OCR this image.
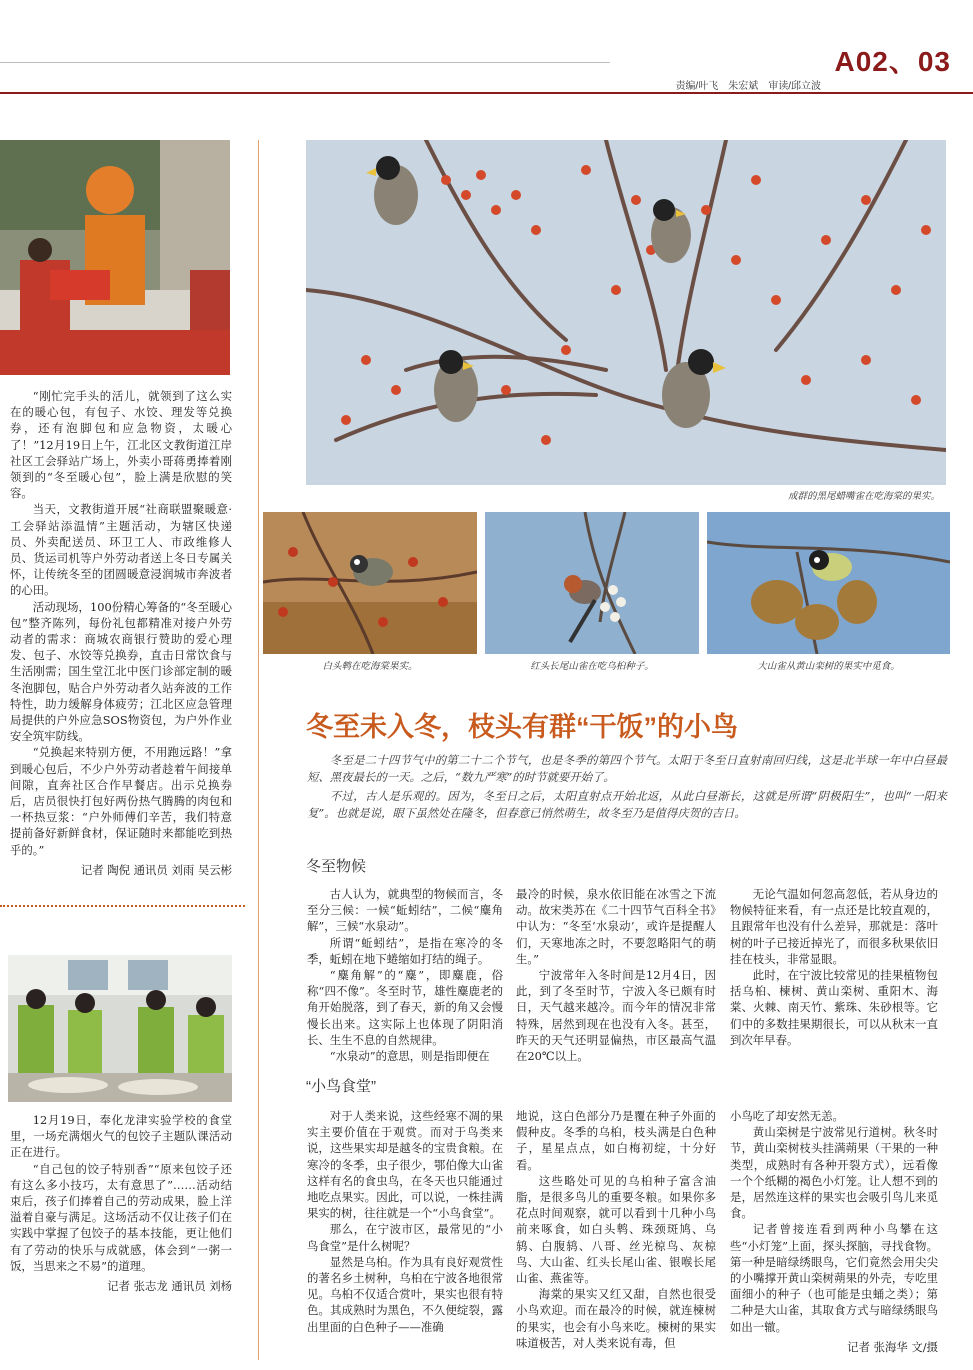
A02、03
责编/叶飞　朱宏斌　审读/邱立波

“刚忙完手头的活儿，就领到了这么实在的暖心包，有包子、水饺、理发等兑换券，还有泡脚包和应急物资，太暖心了！”12月19日上午，江北区文教街道江岸社区工会驿站广场上，外卖小哥蒋勇捧着刚领到的“冬至暖心包”，脸上满是欣慰的笑容。

当天，文教街道开展“社商联盟聚暖意·工会驿站添温情”主题活动，为辖区快递员、外卖配送员、环卫工人、市政维修人员、货运司机等户外劳动者送上冬日专属关怀，让传统冬至的团圆暖意浸润城市奔波者的心田。

活动现场，100份精心筹备的“冬至暖心包”整齐陈列，每份礼包都精准对接户外劳动者的需求：商城农商银行赞助的爱心理发、包子、水饺等兑换券，直击日常饮食与生活刚需；国生堂江北中医门诊部定制的暖冬泡脚包，贴合户外劳动者久站奔波的工作特性，助力缓解身体疲劳；江北区应急管理局提供的户外应急SOS物资包，为户外作业安全筑牢防线。

“兑换起来特别方便，不用跑远路！”拿到暖心包后，不少户外劳动者趁着午间接单间隙，直奔社区合作早餐店。出示兑换券后，店员很快打包好两份热气腾腾的肉包和一杯热豆浆：“户外师傅们辛苦，我们特意提前备好新鲜食材，保证随时来都能吃到热乎的。”

记者 陶倪 通讯员 刘雨 吴云彬

12月19日，奉化龙津实验学校的食堂里，一场充满烟火气的包饺子主题队课活动正在进行。

“自己包的饺子特别香”“原来包饺子还有这么多小技巧，太有意思了”……活动结束后，孩子们捧着自己的劳动成果，脸上洋溢着自豪与满足。这场活动不仅让孩子们在实践中掌握了包饺子的基本技能，更让他们有了劳动的快乐与成就感，体会到“一粥一饭，当思来之不易”的道理。

记者 张志龙 通讯员 刘杨

成群的黑尾蜡嘴雀在吃海棠的果实。
白头鹎在吃海棠果实。	红头长尾山雀在吃乌桕种子。	大山雀从黄山栾树的果实中觅食。
冬至未入冬，枝头有群“干饭”的小鸟

冬至是二十四节气中的第二十二个节气，也是冬季的第四个节气。太阳于冬至日直射南回归线，这是北半球一年中白昼最短、黑夜最长的一天。之后，“数九严寒”的时节就要开始了。

不过，古人是乐观的。因为，冬至日之后，太阳直射点开始北返，从此白昼渐长，这就是所谓“阴极阳生”，也叫“一阳来复”。也就是说，眼下虽然处在隆冬，但春意已悄然萌生，故冬至乃是值得庆贺的吉日。

冬至物候

古人认为，就典型的物候而言，冬至分三候：一候“蚯蚓结”，二候“麋角解”，三候“水泉动”。

所谓“蚯蚓结”，是指在寒冷的冬季，蚯蚓在地下蜷缩如打结的绳子。

“麋角解”的“麋”，即麋鹿，俗称“四不像”。冬至时节，雄性麋鹿老的角开始脱落，到了春天，新的角又会慢慢长出来。这实际上也体现了阴阳消长、生生不息的自然规律。

“水泉动”的意思，则是指即便在

最冷的时候，泉水依旧能在冰雪之下流动。故宋类苏在《二十四节气百科全书》中认为：“冬至‘水泉动’，或许是提醒人们，天寒地冻之时，不要忽略阳气的萌生。”

宁波常年入冬时间是12月4日，因此，到了冬至时节，宁波入冬已颇有时日，天气越来越冷。而今年的情况非常特殊，居然到现在也没有入冬。甚至，昨天的天气还明显偏热，市区最高气温在20℃以上。

无论气温如何忽高忽低，若从身边的物候特征来看，有一点还是比较直观的，且跟常年也没有什么差异，那就是：落叶树的叶子已接近掉光了，而很多秋果依旧挂在枝头，非常显眼。

此时，在宁波比较常见的挂果植物包括乌桕、楝树、黄山栾树、重阳木、海棠、火棘、南天竹、紫珠、朱砂根等。它们中的多数挂果期很长，可以从秋末一直到次年早春。

“小鸟食堂”

对于人类来说，这些经寒不凋的果实主要价值在于观赏。而对于鸟类来说，这些果实却是越冬的宝贵食粮。在寒冷的冬季，虫子很少，鄂伯像大山雀这样有名的食虫鸟，在冬天也只能通过地吃点果实。因此，可以说，一株挂满果实的树，往往就是一个“小鸟食堂”。

那么，在宁波市区，最常见的“小鸟食堂”是什么树呢？

显然是乌桕。作为具有良好观赏性的著名乡土树种，乌桕在宁波各地很常见。乌桕不仅适合赏叶，果实也很有特色。其成熟时为黑色，不久便绽裂，露出里面的白色种子——准确

地说，这白色部分乃是覆在种子外面的假种皮。冬季的乌桕，枝头满是白色种子，星星点点，如白梅初绽，十分好看。

这些略处可见的乌桕种子富含油脂，是很多鸟儿的重要冬粮。如果你多花点时间观察，就可以看到十几种小鸟前来啄食，如白头鹎、珠颈斑鸠、乌鸫、白腹鸫、八哥、丝光椋鸟、灰椋鸟、大山雀、红头长尾山雀、银喉长尾山雀、燕雀等。

海棠的果实又红又甜，自然也很受小鸟欢迎。而在最冷的时候，就连楝树的果实，也会有小鸟来吃。楝树的果实味道极苦，对人类来说有毒，但

小鸟吃了却安然无恙。

黄山栾树是宁波常见行道树。秋冬时节，黄山栾树枝头挂满蒴果（干果的一种类型，成熟时有各种开裂方式），远看像一个个纸糊的褐色小灯笼。让人想不到的是，居然连这样的果实也会吸引鸟儿来觅食。

记者曾接连看到两种小鸟攀在这些“小灯笼”上面，探头探脑，寻找食物。第一种是暗绿绣眼鸟，它们竟然会用尖尖的小嘴撑开黄山栾树蒴果的外壳，专吃里面细小的种子（也可能是虫蛹之类）；第二种是大山雀，其取食方式与暗绿绣眼鸟如出一辙。

记者 张海华 文/摄
